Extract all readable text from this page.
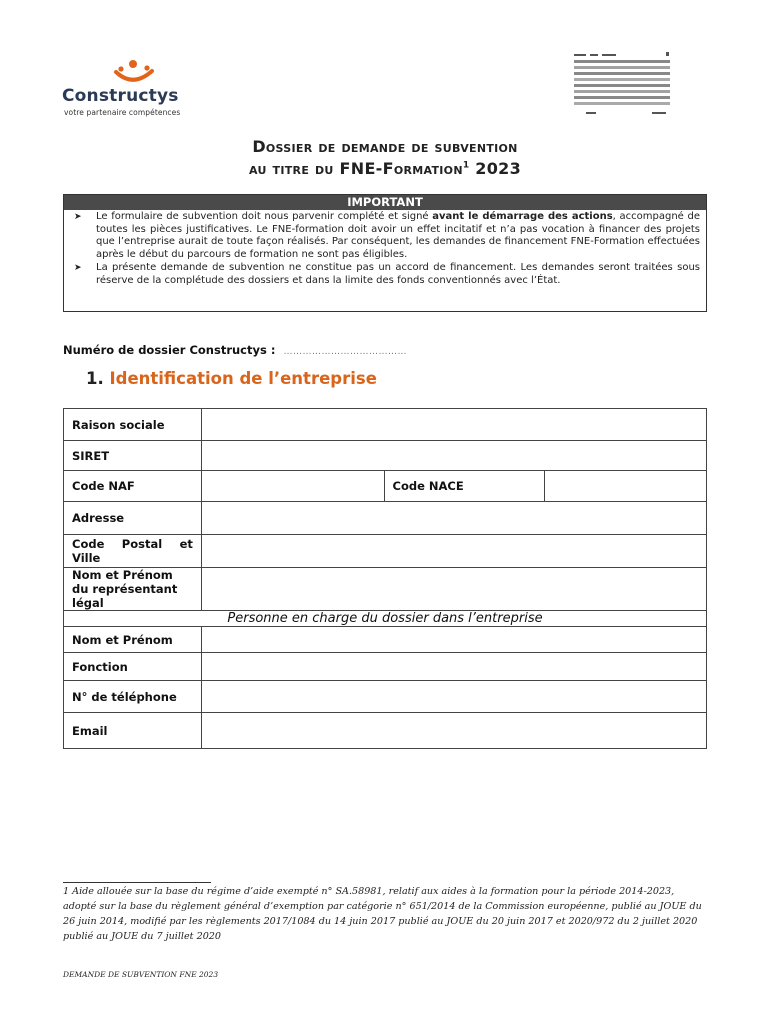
Constructys
votre partenaire compétences
Dossier de demande de subvention
au titre du FNE-Formation$^1$ 2023
IMPORTANT
➤ Le formulaire de subvention doit nous parvenir complété et signé avant le démarrage des actions, accompagné de toutes les pièces justificatives. Le FNE-formation doit avoir un effet incitatif et n’a pas vocation à financer des projets que l’entreprise aurait de toute façon réalisés. Par conséquent, les demandes de financement FNE-Formation effectuées après le début du parcours de formation ne sont pas éligibles.
➤ La présente demande de subvention ne constitue pas un accord de financement. Les demandes seront traitées sous réserve de la complétude des dossiers et dans la limite des fonds conventionnés avec l’État.
Numéro de dossier Constructys : …………………………………
1. Identification de l’entreprise
Raison sociale			
SIRET			
Code NAF		Code NACE	
Adresse			
Code Postal et Ville			
Nom et Prénom du représentant légal			
Personne en charge du dossier dans l’entreprise			
Nom et Prénom			
Fonction			
N° de téléphone			
Email			
1 Aide allouée sur la base du régime d’aide exempté n° SA.58981, relatif aux aides à la formation pour la période 2014-2023, adopté sur la base du règlement général d’exemption par catégorie n° 651/2014 de la Commission européenne, publié au JOUE du 26 juin 2014, modifié par les règlements 2017/1084 du 14 juin 2017 publié au JOUE du 20 juin 2017 et 2020/972 du 2 juillet 2020 publié au JOUE du 7 juillet 2020
DEMANDE DE SUBVENTION FNE 2023
